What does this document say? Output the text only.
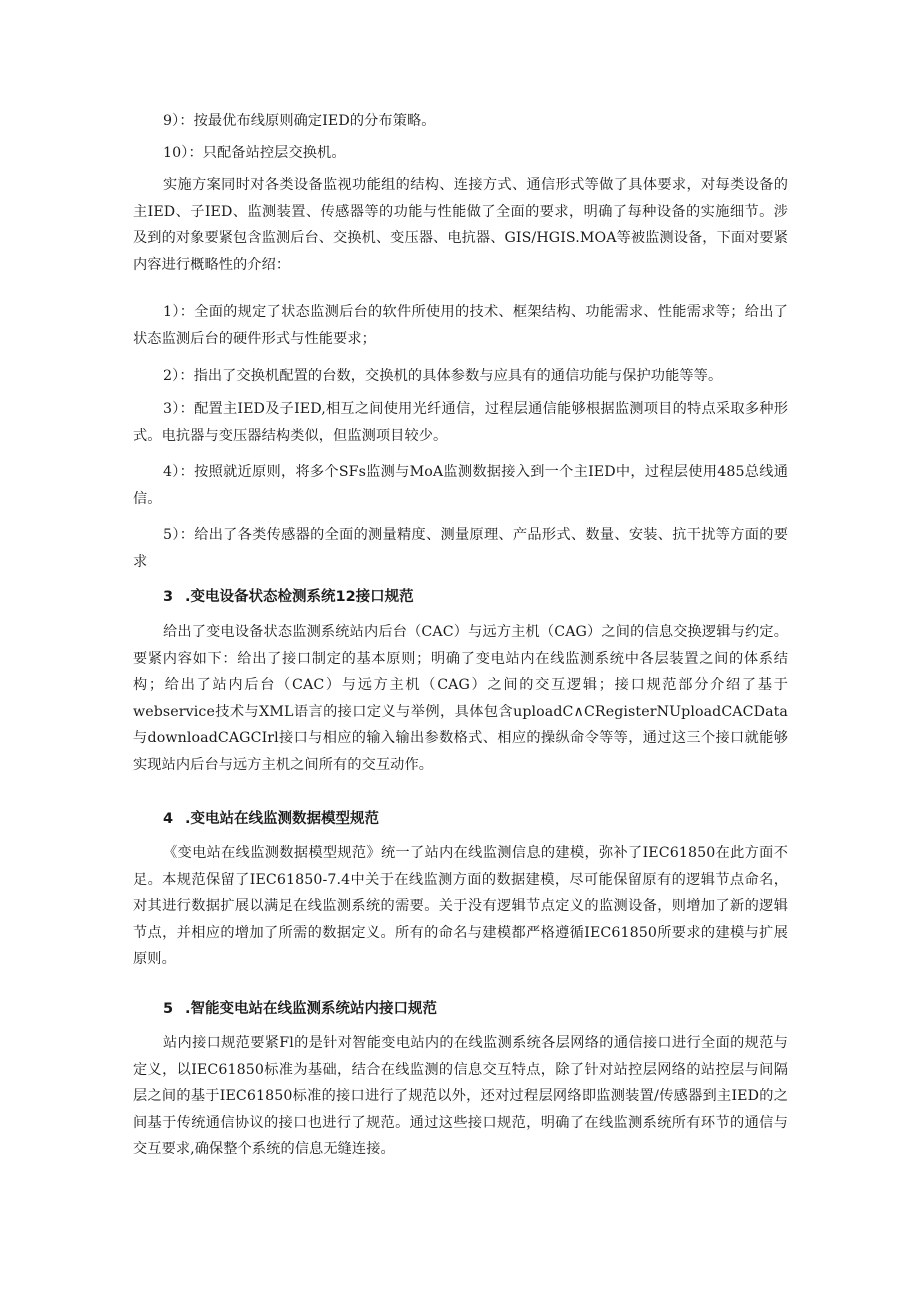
9）：按最优布线原则确定IED的分布策略。

10）：只配备站控层交换机。

实施方案同时对各类设备监视功能组的结构、连接方式、通信形式等做了具体要求，对每类设备的主IED、子IED、监测装置、传感器等的功能与性能做了全面的要求，明确了每种设备的实施细节。涉及到的对象要紧包含监测后台、交换机、变压器、电抗器、GIS/HGIS.MOA等被监测设备，下面对要紧内容进行概略性的介绍：

1）：全面的规定了状态监测后台的软件所使用的技术、框架结构、功能需求、性能需求等；给出了状态监测后台的硬件形式与性能要求；

2）：指出了交换机配置的台数，交换机的具体参数与应具有的通信功能与保护功能等等。

3）：配置主IED及子IED,相互之间使用光纤通信，过程层通信能够根据监测项目的特点采取多种形式。电抗器与变压器结构类似，但监测项目较少。

4）：按照就近原则，将多个SFs监测与MoA监测数据接入到一个主IED中，过程层使用485总线通信。

5）：给出了各类传感器的全面的测量精度、测量原理、产品形式、数量、安装、抗干扰等方面的要求

3 .变电设备状态检测系统12接口规范

给出了变电设备状态监测系统站内后台（CAC）与远方主机（CAG）之间的信息交换逻辑与约定。要紧内容如下：给出了接口制定的基本原则；明确了变电站内在线监测系统中各层装置之间的体系结构；给出了站内后台（CAC）与远方主机（CAG）之间的交互逻辑；接口规范部分介绍了基于webservice技术与XML语言的接口定义与举例，具体包含uploadC∧CRegisterNUploadCACData与downloadCAGCIrl接口与相应的输入输出参数格式、相应的操纵命令等等，通过这三个接口就能够实现站内后台与远方主机之间所有的交互动作。

4 .变电站在线监测数据模型规范

《变电站在线监测数据模型规范》统一了站内在线监测信息的建模，弥补了IEC61850在此方面不足。本规范保留了IEC61850-7.4中关于在线监测方面的数据建模，尽可能保留原有的逻辑节点命名，对其进行数据扩展以满足在线监测系统的需要。关于没有逻辑节点定义的监测设备，则增加了新的逻辑节点，并相应的增加了所需的数据定义。所有的命名与建模都严格遵循IEC61850所要求的建模与扩展原则。

5 .智能变电站在线监测系统站内接口规范

站内接口规范要紧Fl的是针对智能变电站内的在线监测系统各层网络的通信接口进行全面的规范与定义，以IEC61850标准为基础，结合在线监测的信息交互特点，除了针对站控层网络的站控层与间隔层之间的基于IEC61850标准的接口进行了规范以外，还对过程层网络即监测装置/传感器到主IED的之间基于传统通信协议的接口也进行了规范。通过这些接口规范，明确了在线监测系统所有环节的通信与交互要求,确保整个系统的信息无缝连接。
